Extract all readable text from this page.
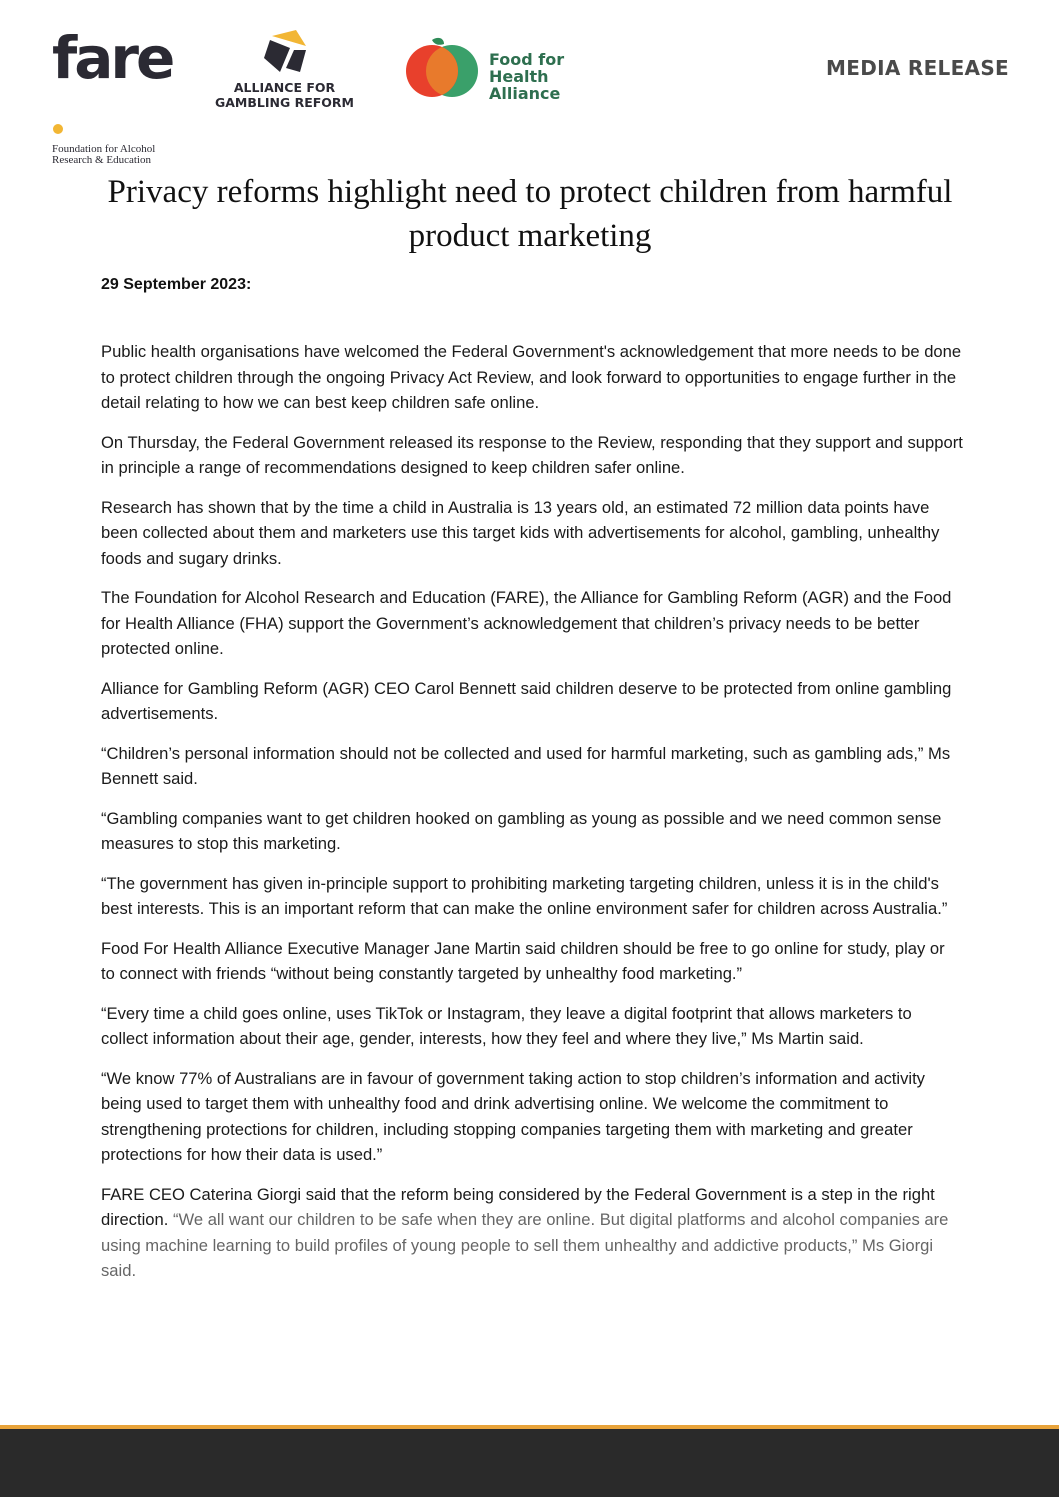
fare
Foundation for Alcohol
Research & Education
ALLIANCE FOR
GAMBLING REFORM
Food for
Health
Alliance
MEDIA RELEASE
Privacy reforms highlight need to protect children from harmful product marketing
29 September 2023:

Public health organisations have welcomed the Federal Government's acknowledgement that more needs to be done to protect children through the ongoing Privacy Act Review, and look forward to opportunities to engage further in the detail relating to how we can best keep children safe online.

On Thursday, the Federal Government released its response to the Review, responding that they support and support in principle a range of recommendations designed to keep children safer online.

Research has shown that by the time a child in Australia is 13 years old, an estimated 72 million data points have been collected about them and marketers use this target kids with advertisements for alcohol, gambling, unhealthy foods and sugary drinks.

The Foundation for Alcohol Research and Education (FARE), the Alliance for Gambling Reform (AGR) and the Food for Health Alliance (FHA) support the Government’s acknowledgement that children’s privacy needs to be better protected online.

Alliance for Gambling Reform (AGR) CEO Carol Bennett said children deserve to be protected from online gambling advertisements.

“Children’s personal information should not be collected and used for harmful marketing, such as gambling ads,” Ms Bennett said.

“Gambling companies want to get children hooked on gambling as young as possible and we need common sense measures to stop this marketing.

“The government has given in-principle support to prohibiting marketing targeting children, unless it is in the child's best interests. This is an important reform that can make the online environment safer for children across Australia.”

Food For Health Alliance Executive Manager Jane Martin said children should be free to go online for study, play or to connect with friends “without being constantly targeted by unhealthy food marketing.”

“Every time a child goes online, uses TikTok or Instagram, they leave a digital footprint that allows marketers to collect information about their age, gender, interests, how they feel and where they live,” Ms Martin said.

“We know 77% of Australians are in favour of government taking action to stop children’s information and activity being used to target them with unhealthy food and drink advertising online. We welcome the commitment to strengthening protections for children, including stopping companies targeting them with marketing and greater protections for how their data is used.”

FARE CEO Caterina Giorgi said that the reform being considered by the Federal Government is a step in the right direction. “We all want our children to be safe when they are online. But digital platforms and alcohol companies are using machine learning to build profiles of young people to sell them unhealthy and addictive products,” Ms Giorgi said.
